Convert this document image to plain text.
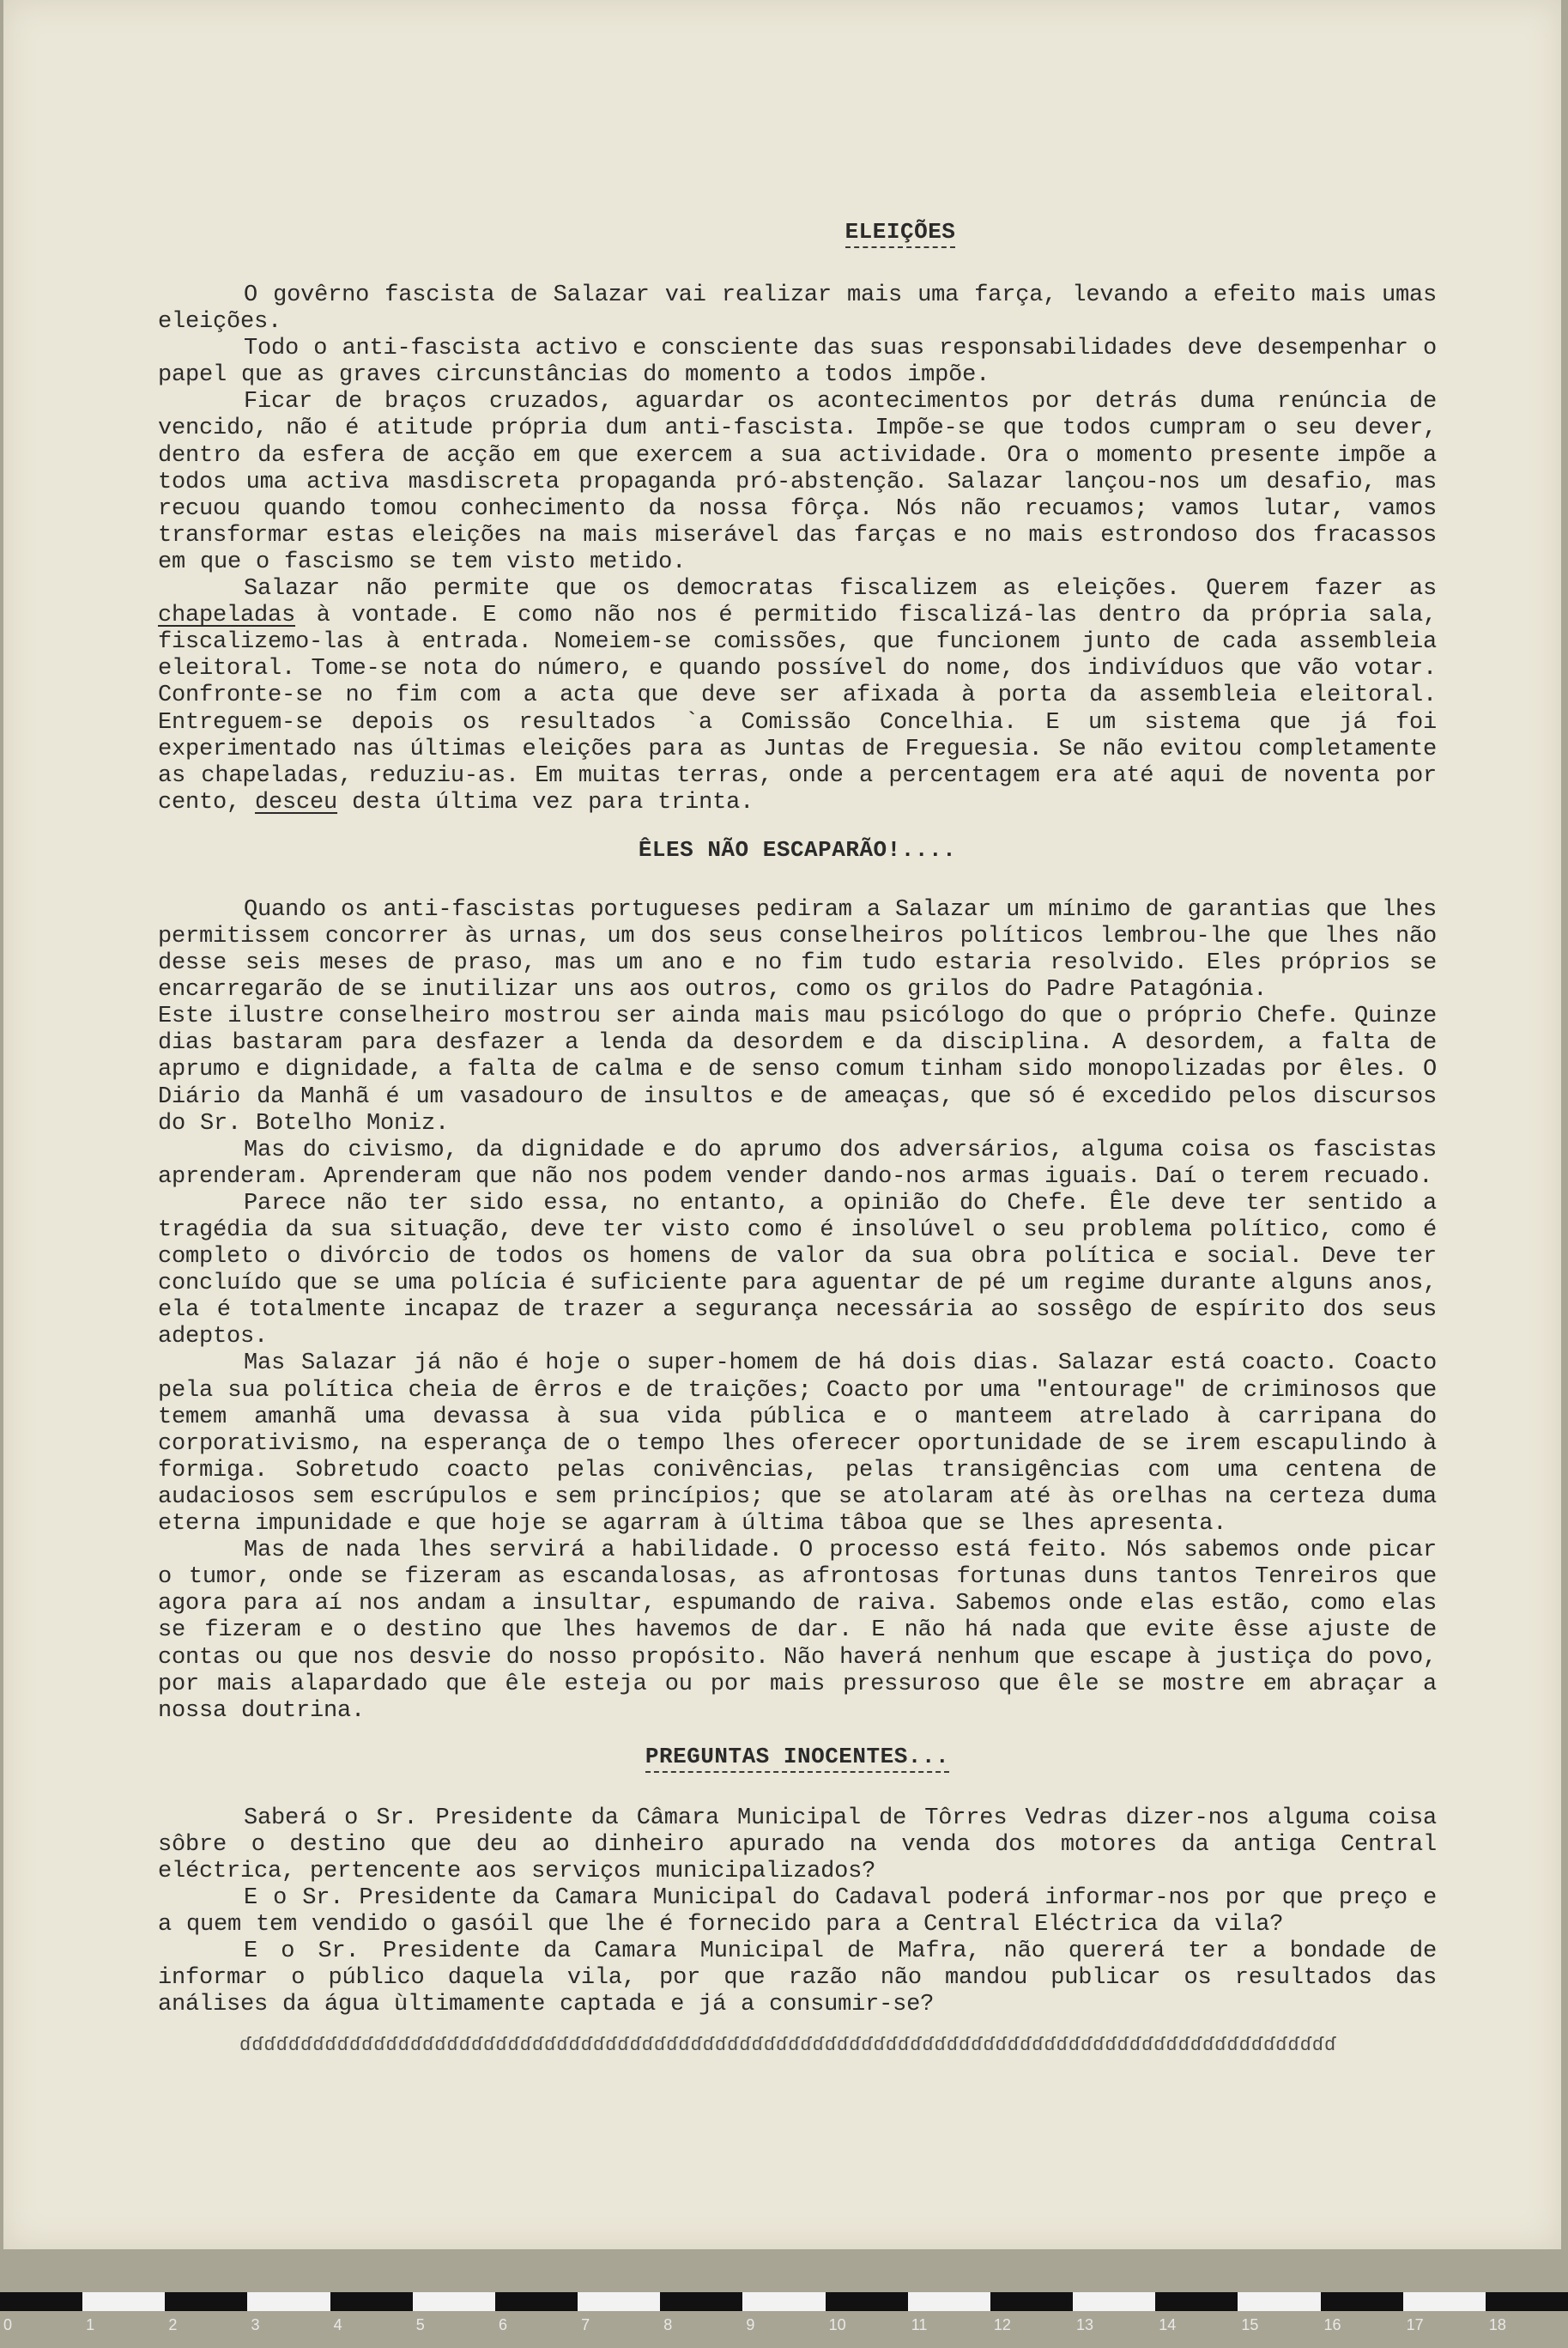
ELEIÇÕES

O govêrno fascista de Salazar vai realizar mais uma farça, levando a efeito mais umas eleições.

Todo o anti-fascista activo e consciente das suas responsabilidades deve desempenhar o papel que as graves circunstâncias do momento a todos impõe.

Ficar de braços cruzados, aguardar os acontecimentos por detrás duma renúncia de vencido, não é atitude própria dum anti-fascista. Impõe-se que todos cumpram o seu dever, dentro da esfera de acção em que exercem a sua actividade. Ora o momento presente impõe a todos uma activa masdiscreta propaganda pró-abstenção. Salazar lançou-nos um desafio, mas recuou quando tomou conhecimento da nossa fôrça. Nós não recuamos; vamos lutar, vamos transformar estas eleições na mais miserável das farças e no mais estrondoso dos fracassos em que o fascismo se tem visto metido.

Salazar não permite que os democratas fiscalizem as eleições. Querem fazer as chapeladas à vontade. E como não nos é permitido fiscalizá-las dentro da própria sala, fiscalizemo-las à entrada. Nomeiem-se comissões, que funcionem junto de cada assembleia eleitoral. Tome-se nota do número, e quando possível do nome, dos indivíduos que vão votar. Confronte-se no fim com a acta que deve ser afixada à porta da assembleia eleitoral. Entreguem-se depois os resultados `a Comissão Concelhia. E um sistema que já foi experimentado nas últimas eleições para as Juntas de Freguesia. Se não evitou completamente as chapeladas, reduziu-as. Em muitas terras, onde a percentagem era até aqui de noventa por cento, desceu desta última vez para trinta.

ÊLES NÃO ESCAPARÃO!....

Quando os anti-fascistas portugueses pediram a Salazar um mínimo de garantias que lhes permitissem concorrer às urnas, um dos seus conselheiros políticos lembrou-lhe que lhes não desse seis meses de praso, mas um ano e no fim tudo estaria resolvido. Eles próprios se encarregarão de se inutilizar uns aos outros, como os grilos do Padre Patagónia.

Este ilustre conselheiro mostrou ser ainda mais mau psicólogo do que o próprio Chefe. Quinze dias bastaram para desfazer a lenda da desordem e da disciplina. A desordem, a falta de aprumo e dignidade, a falta de calma e de senso comum tinham sido monopolizadas por êles. O Diário da Manhã é um vasadouro de insultos e de ameaças, que só é excedido pelos discursos do Sr. Botelho Moniz.

Mas do civismo, da dignidade e do aprumo dos adversários, alguma coisa os fascistas aprenderam. Aprenderam que não nos podem vender dando-nos armas iguais. Daí o terem recuado.

Parece não ter sido essa, no entanto, a opinião do Chefe. Êle deve ter sentido a tragédia da sua situação, deve ter visto como é insolúvel o seu problema político, como é completo o divórcio de todos os homens de valor da sua obra política e social. Deve ter concluído que se uma polícia é suficiente para aguentar de pé um regime durante alguns anos, ela é totalmente incapaz de trazer a segurança necessária ao sossêgo de espírito dos seus adeptos.

Mas Salazar já não é hoje o super-homem de há dois dias. Salazar está coacto. Coacto pela sua política cheia de êrros e de traições; Coacto por uma "entourage" de criminosos que temem amanhã uma devassa à sua vida pública e o manteem atrelado à carripana do corporativismo, na esperança de o tempo lhes oferecer oportunidade de se irem escapulindo à formiga. Sobretudo coacto pelas conivências, pelas transigências com uma centena de audaciosos sem escrúpulos e sem princípios; que se atolaram até às orelhas na certeza duma eterna impunidade e que hoje se agarram à última tâboa que se lhes apresenta.

Mas de nada lhes servirá a habilidade. O processo está feito. Nós sabemos onde picar o tumor, onde se fizeram as escandalosas, as afrontosas fortunas duns tantos Tenreiros que agora para aí nos andam a insultar, espumando de raiva. Sabemos onde elas estão, como elas se fizeram e o destino que lhes havemos de dar. E não há nada que evite êsse ajuste de contas ou que nos desvie do nosso propósito. Não haverá nenhum que escape à justiça do povo, por mais alapardado que êle esteja ou por mais pressuroso que êle se mostre em abraçar a nossa doutrina.

PREGUNTAS INOCENTES...

Saberá o Sr. Presidente da Câmara Municipal de Tôrres Vedras dizer-nos alguma coisa sôbre o destino que deu ao dinheiro apurado na venda dos motores da antiga Central eléctrica, pertencente aos serviços municipalizados?

E o Sr. Presidente da Camara Municipal do Cadaval poderá informar-nos por que preço e a quem tem vendido o gasóil que lhe é fornecido para a Central Eléctrica da vila?

E o Sr. Presidente da Camara Municipal de Mafra, não quererá ter a bondade de informar o público daquela vila, por que razão não mandou publicar os resultados das análises da água ùltimamente captada e já a consumir-se?

ɗɗɗɗɗɗɗɗɗɗɗɗɗɗɗɗɗɗɗɗɗɗɗɗɗɗɗɗɗɗɗɗɗɗɗɗɗɗɗɗɗɗɗɗɗɗɗɗɗɗɗɗɗɗɗɗɗɗɗɗɗɗɗɗɗɗɗɗɗɗɗɗɗɗɗɗɗɗɗɗɗɗɗɗɗɗɗɗɗɗ
0	1	2	3	4	5	6	7	8	9	10	11	12	13	14	15	16	17	18
